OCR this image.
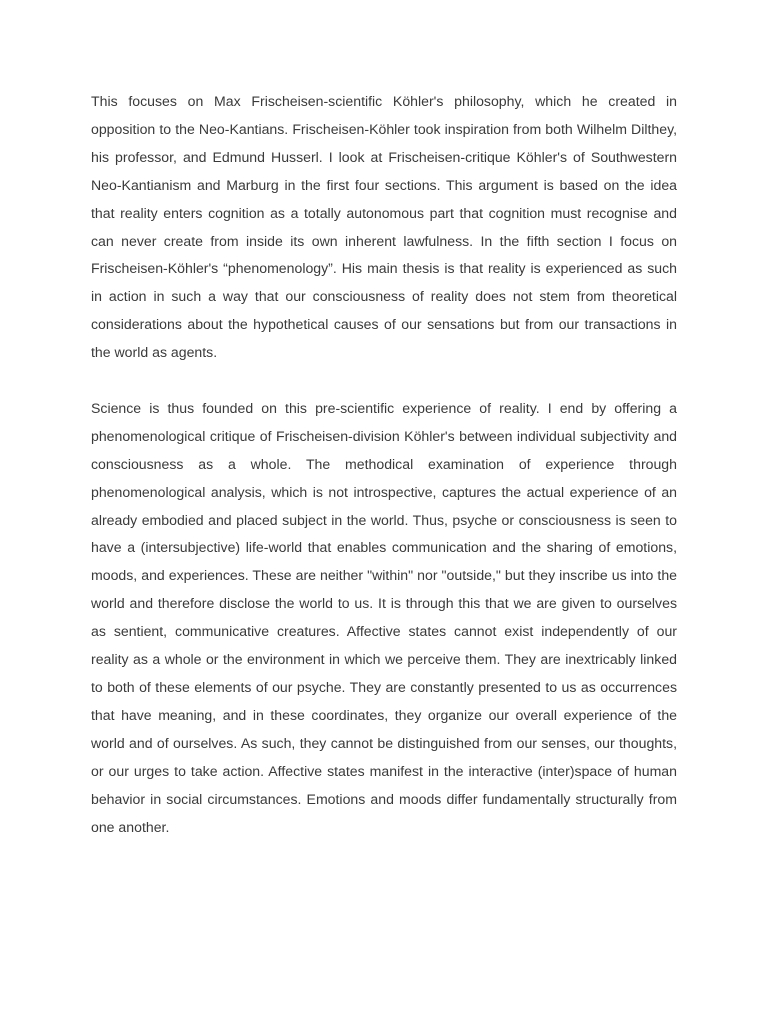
This focuses on Max Frischeisen-scientific Köhler's philosophy, which he created in opposition to the Neo-Kantians. Frischeisen-Köhler took inspiration from both Wilhelm Dilthey, his professor, and Edmund Husserl. I look at Frischeisen-critique Köhler's of Southwestern Neo-Kantianism and Marburg in the first four sections. This argument is based on the idea that reality enters cognition as a totally autonomous part that cognition must recognise and can never create from inside its own inherent lawfulness. In the fifth section I focus on Frischeisen-Köhler's “phenomenology”. His main thesis is that reality is experienced as such in action in such a way that our consciousness of reality does not stem from theoretical considerations about the hypothetical causes of our sensations but from our transactions in the world as agents.

Science is thus founded on this pre-scientific experience of reality. I end by offering a phenomenological critique of Frischeisen-division Köhler's between individual subjectivity and consciousness as a whole. The methodical examination of experience through phenomenological analysis, which is not introspective, captures the actual experience of an already embodied and placed subject in the world. Thus, psyche or consciousness is seen to have a (intersubjective) life-world that enables communication and the sharing of emotions, moods, and experiences. These are neither "within" nor "outside," but they inscribe us into the world and therefore disclose the world to us. It is through this that we are given to ourselves as sentient, communicative creatures. Affective states cannot exist independently of our reality as a whole or the environment in which we perceive them. They are inextricably linked to both of these elements of our psyche. They are constantly presented to us as occurrences that have meaning, and in these coordinates, they organize our overall experience of the world and of ourselves. As such, they cannot be distinguished from our senses, our thoughts, or our urges to take action. Affective states manifest in the interactive (inter)space of human behavior in social circumstances. Emotions and moods differ fundamentally structurally from one another.
